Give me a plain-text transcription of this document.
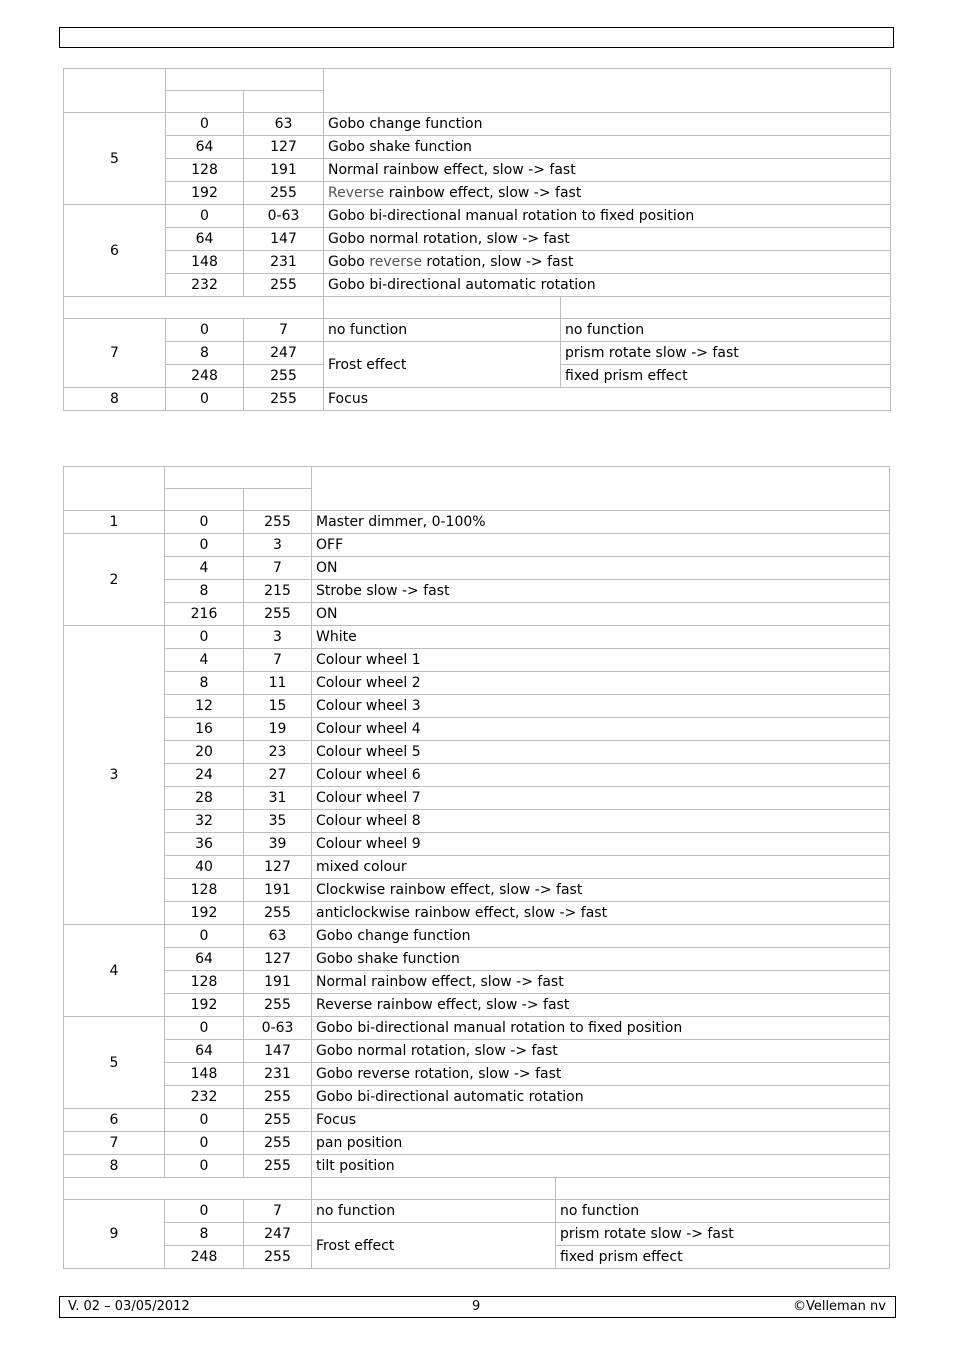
5	0	63	Gobo change function	
	64	127	Gobo shake function	
	128	191	Normal rainbow effect, slow -> fast	
	192	255	Reverse rainbow effect, slow -> fast	
6	0	0-63	Gobo bi-directional manual rotation to fixed position	
	64	147	Gobo normal rotation, slow -> fast	
	148	231	Gobo reverse rotation, slow -> fast	
	232	255	Gobo bi-directional automatic rotation	

7	0	7	no function	no function
	8	247	Frost effect	prism rotate slow -> fast
	248	255		fixed prism effect
8	0	255	Focus	

1	0	255	Master dimmer, 0-100%	
2	0	3	OFF	
	4	7	ON	
	8	215	Strobe slow -> fast	
	216	255	ON	
3	0	3	White	
	4	7	Colour wheel 1	
	8	11	Colour wheel 2	
	12	15	Colour wheel 3	
	16	19	Colour wheel 4	
	20	23	Colour wheel 5	
	24	27	Colour wheel 6	
	28	31	Colour wheel 7	
	32	35	Colour wheel 8	
	36	39	Colour wheel 9	
	40	127	mixed colour	
	128	191	Clockwise rainbow effect, slow -> fast	
	192	255	anticlockwise rainbow effect, slow -> fast	
4	0	63	Gobo change function	
	64	127	Gobo shake function	
	128	191	Normal rainbow effect, slow -> fast	
	192	255	Reverse rainbow effect, slow -> fast	
5	0	0-63	Gobo bi-directional manual rotation to fixed position	
	64	147	Gobo normal rotation, slow -> fast	
	148	231	Gobo reverse rotation, slow -> fast	
	232	255	Gobo bi-directional automatic rotation	
6	0	255	Focus	
7	0	255	pan position	
8	0	255	tilt position	

9	0	7	no function	no function
	8	247	Frost effect	prism rotate slow -> fast
	248	255		fixed prism effect
V. 02 – 03/05/2012	9	©Velleman nv
